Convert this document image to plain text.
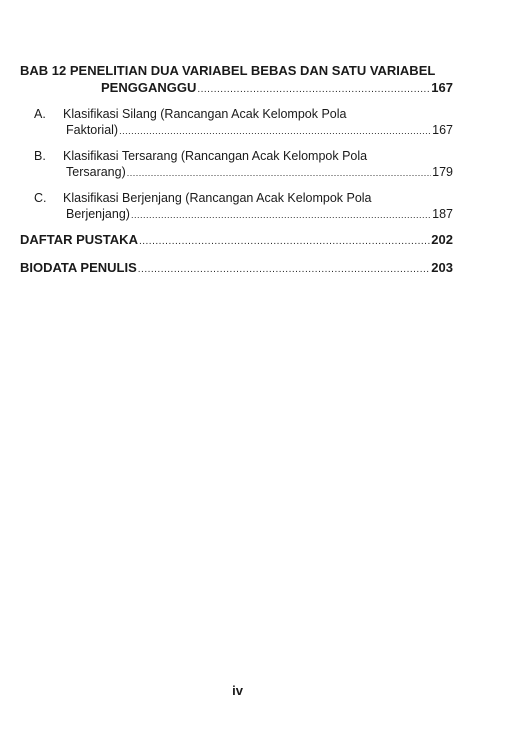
BAB 12 PENELITIAN DUA VARIABEL BEBAS DAN SATU VARIABEL
PENGGANGGU .....	167
A.	Klasifikasi Silang (Rancangan Acak Kelompok Pola
Faktorial) .....	167
B.	Klasifikasi Tersarang (Rancangan Acak Kelompok Pola
Tersarang) .....	179
C.	Klasifikasi Berjenjang (Rancangan Acak Kelompok Pola
Berjenjang) .....	187
DAFTAR PUSTAKA .....	202
BIODATA PENULIS .....	203
iv
